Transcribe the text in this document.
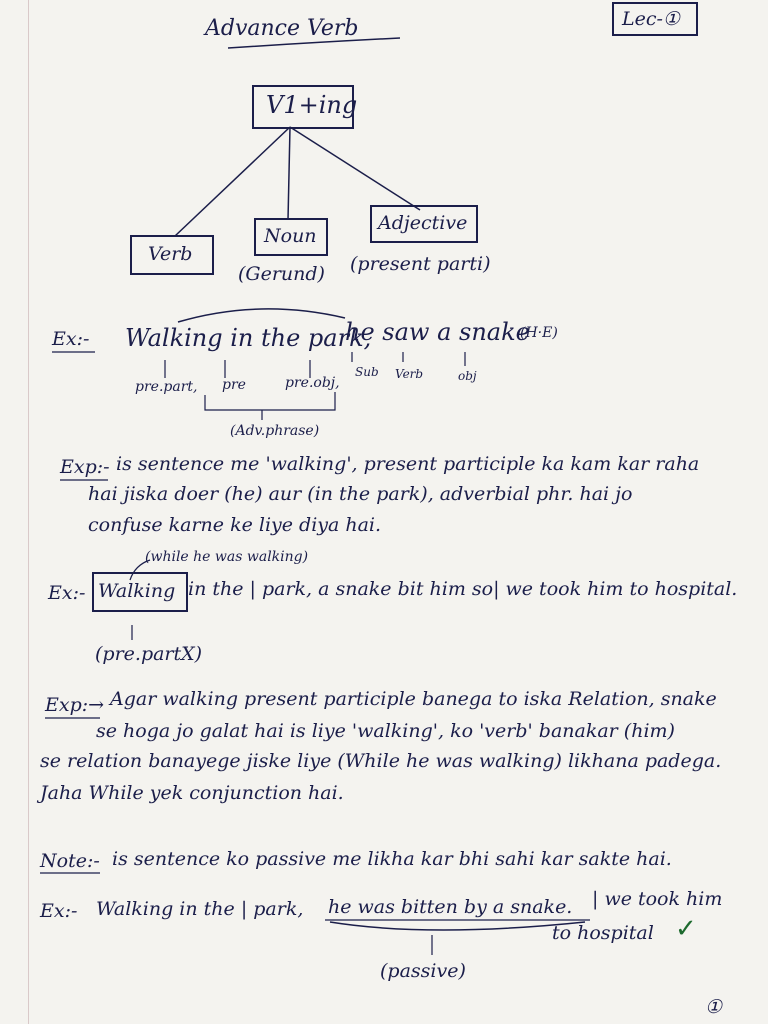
Advance Verb	Lec-①
V1+ing
Verb
Noun
Adjective
(Gerund) (present parti)
Ex:- Walking in the park,
he saw a snake
(H·E)
pre.part, pre	pre.obj,
Sub Verb	obj
(Adv.phrase)
Exp:- is sentence me 'walking', present participle ka kam kar raha
hai jiska doer (he) aur (in the park), adverbial phr. hai jo
confuse karne ke liye diya hai.
(while he was walking)
Ex:- Walking in the | park, a snake bit him so| we took him to hospital.
(pre.partX)
Exp:→ Agar walking present participle banega to iska Relation, snake
se hoga jo galat hai is liye 'walking', ko 'verb' banakar (him)
se relation banayege jiske liye (While he was walking) likhana padega.
Jaha While yek conjunction hai.
Note:- is sentence ko passive me likha kar bhi sahi kar sakte hai.
Ex:- Walking in the | park, he was bitten by a snake. | we took him
to hospital ✓
(passive)
①
